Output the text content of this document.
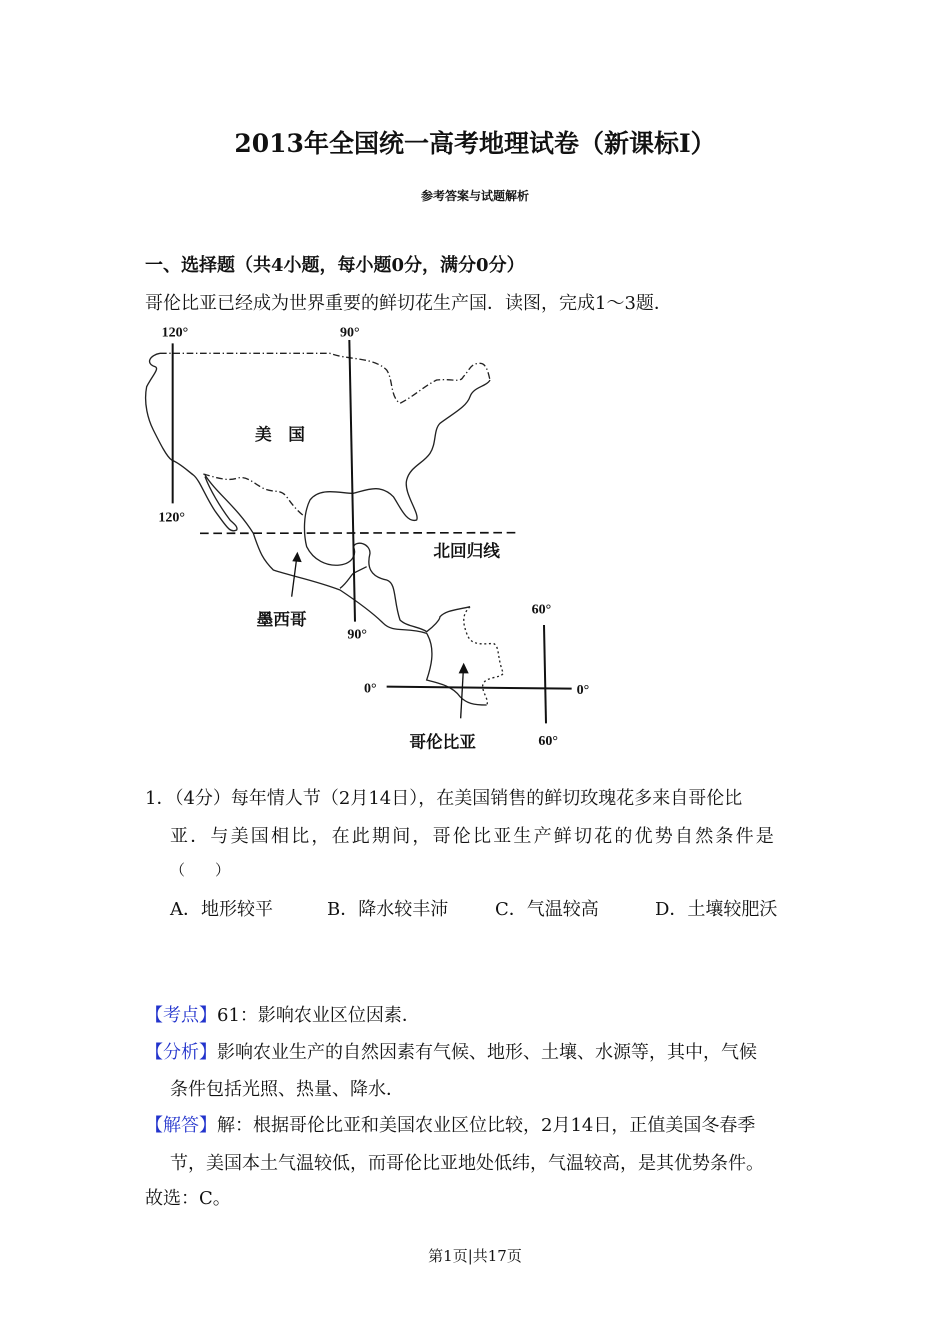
2013年全国统一高考地理试卷（新课标Ⅰ）
参考答案与试题解析
一、选择题（共4小题，每小题0分，满分0分）
哥伦比亚已经成为世界重要的鲜切花生产国．读图，完成1～3题．
120°
120°
90°
90°
60°
60°
0°	0°
美　国
北回归线
墨西哥
哥伦比亚
1．（4分）每年情人节（2月14日），在美国销售的鲜切玫瑰花多来自哥伦比
亚．与美国相比，在此期间，哥伦比亚生产鲜切花的优势自然条件是
（　　）
A．地形较平	B．降水较丰沛	C．气温较高	D．土壤较肥沃
【考点】61：影响农业区位因素．
【分析】影响农业生产的自然因素有气候、地形、土壤、水源等，其中，气候
条件包括光照、热量、降水．
【解答】解：根据哥伦比亚和美国农业区位比较，2月14日，正值美国冬春季
节，美国本土气温较低，而哥伦比亚地处低纬，气温较高，是其优势条件。
故选：C。
第1页|共17页
